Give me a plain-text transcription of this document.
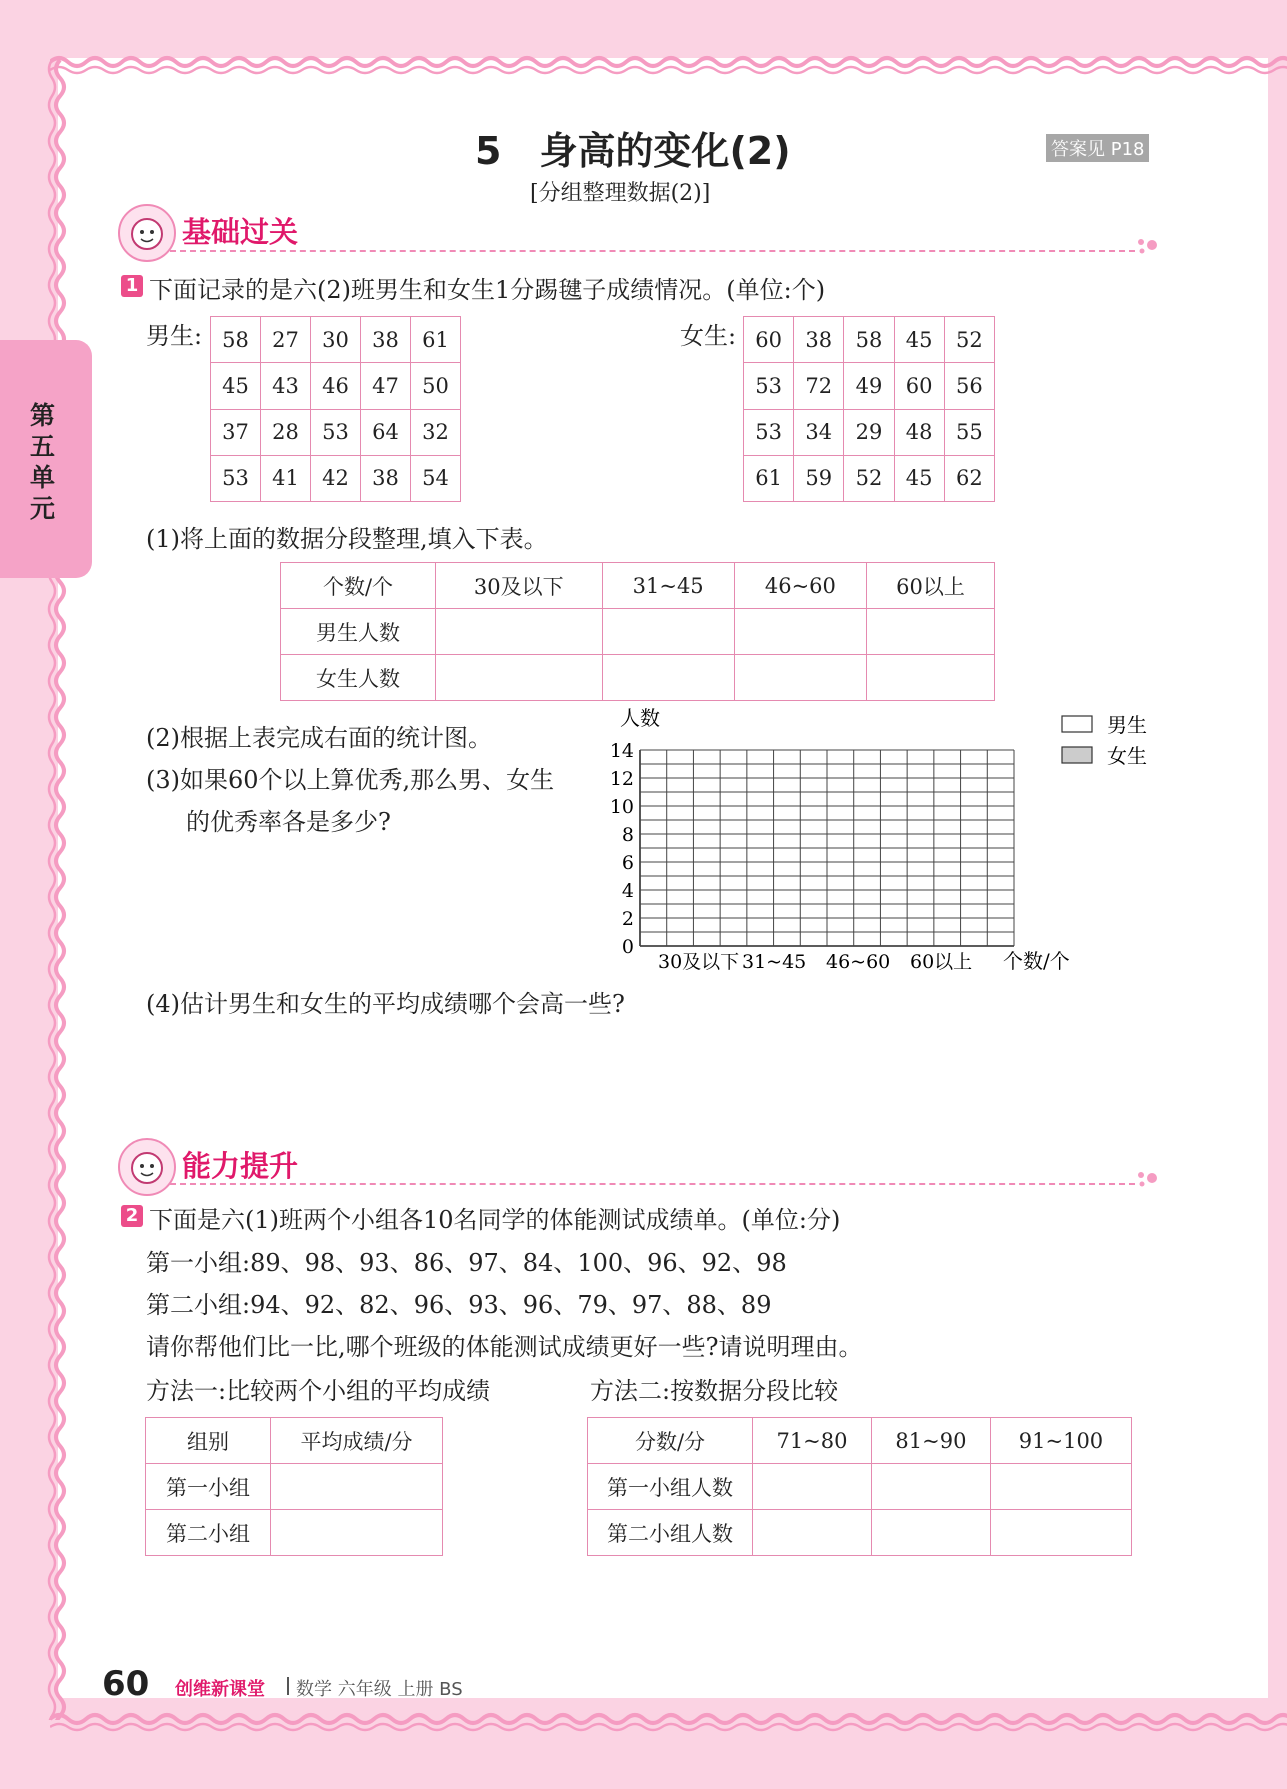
第五单元
5　身高的变化(2)	答案见 P18
[分组整理数据(2)]
基础过关
1 下面记录的是六(2)班男生和女生1分踢毽子成绩情况。(单位:个)
男生: 58	27	30	38	61
45	43	46	47	50
37	28	53	64	32
53	41	42	38	54
女生: 60	38	58	45	52
53	72	49	60	56
53	34	29	48	55
61	59	52	45	62
(1)将上面的数据分段整理,填入下表。
个数/个	30及以下	31~45	46~60	60以上
男生人数				
女生人数				
(2)根据上表完成右面的统计图。
(3)如果60个以上算优秀,那么男、女生
的优秀率各是多少?
人数
0
2
4
6
8
10
12
14
30及以下 31~45 46~60 60以上 个数/个
男生
女生
(4)估计男生和女生的平均成绩哪个会高一些?
能力提升
2 下面是六(1)班两个小组各10名同学的体能测试成绩单。(单位:分)
第一小组:89、98、93、86、97、84、100、96、92、98
第二小组:94、92、82、96、93、96、79、97、88、89
请你帮他们比一比,哪个班级的体能测试成绩更好一些?请说明理由。
方法一:比较两个小组的平均成绩	方法二:按数据分段比较
组别	平均成绩/分
第一小组	
第二小组	
分数/分	71~80	81~90	91~100
第一小组人数			
第二小组人数			
60 创维新课堂 数学 六年级 上册 BS
